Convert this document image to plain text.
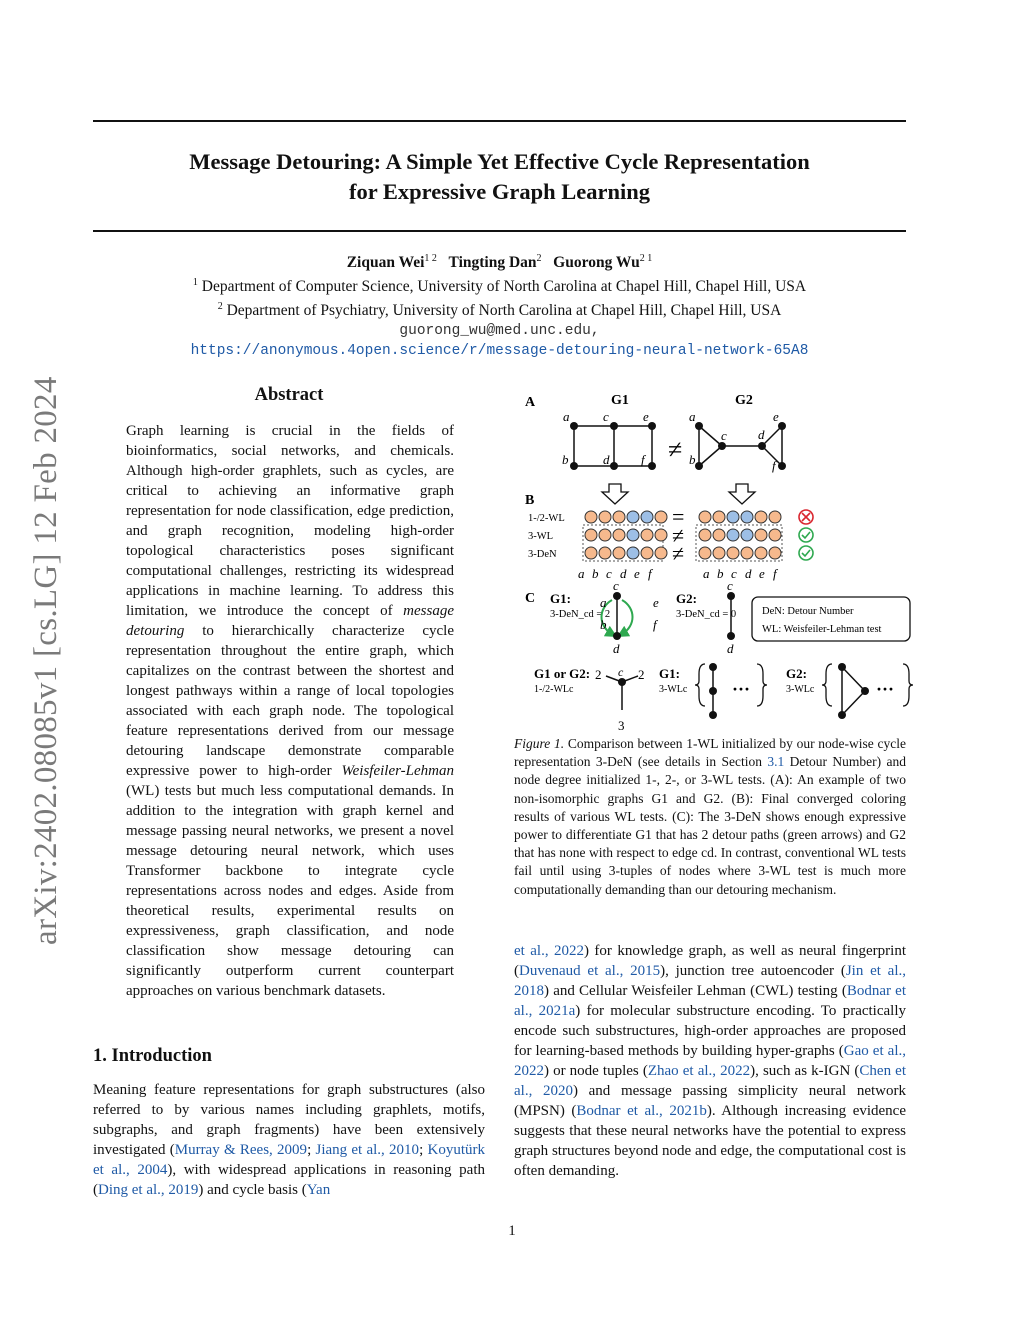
arXiv:2402.08085v1 [cs.LG] 12 Feb 2024
Message Detouring: A Simple Yet Effective Cycle Representation
for Expressive Graph Learning
Ziquan Wei$^{1 2}$ Tingting Dan$^2$ Guorong $Wu^{2 1}$
$^1$ Department of Computer Science, University of North Carolina at Chapel Hill, Chapel Hill, USA
$^2$ Department of Psychiatry, University of North Carolina at Chapel Hill, Chapel Hill, USA
guorong_wu@med.unc.edu,
https://anonymous.4open.science/r/message-detouring-neural-network-65A8
Abstract
Graph learning is crucial in the fields of bioinformatics, social networks, and chemicals. Although high-order graphlets, such as cycles, are critical to achieving an informative graph representation for node classification, edge prediction, and graph recognition, modeling high-order topological characteristics poses significant computational challenges, restricting its widespread applications in machine learning. To address this limitation, we introduce the concept of message detouring to hierarchically characterize cycle representation throughout the entire graph, which capitalizes on the contrast between the shortest and longest pathways within a range of local topologies associated with each graph node. The topological feature representations derived from our message detouring landscape demonstrate comparable expressive power to high-order Weisfeiler-Lehman (WL) tests but much less computational demands. In addition to the integration with graph kernel and message passing neural networks, we present a novel message detouring neural network, which uses Transformer backbone to integrate cycle representations across nodes and edges. Aside from theoretical results, experimental results on expressiveness, graph classification, and node classification show message detouring can significantly outperform current counterpart approaches on various benchmark datasets.
1. Introduction
Meaning feature representations for graph substructures (also referred to by various names including graphlets, motifs, subgraphs, and graph fragments) have been extensively investigated (Murray & Rees, 2009; Jiang et al., 2010; Koyutürk et al., 2004), with widespread applications in reasoning path (Ding et al., 2019) and cycle basis (Yan
A
B
C
G1
a	c	e
b	d f ≠
G2
a
c
e
d
b	f
1-/2-WL
3-WL
3-DeN
=
≠
≠
a b c d e f	a b c d e f
G1:
3-DeN_cd = 2
c
a	e
b	f
d
G2:
3-DeN_cd = 0
c
d
DeN: Detour Number
WL: Weisfeiler-Lehman test
G1 or G2:
1-/2-WLc
c
2	2
3
G1:
3-WLc ···
G2:
3-WLc	···
Figure 1. Comparison between 1-WL initialized by our node-wise cycle representation 3-DeN (see details in Section 3.1 Detour Number) and node degree initialized 1-, 2-, or 3-WL tests. (A): An example of two non-isomorphic graphs G1 and G2. (B): Final converged coloring results of various WL tests. (C): The 3-DeN shows enough expressive power to differentiate G1 that has 2 detour paths (green arrows) and G2 that has none with respect to edge cd. In contrast, conventional WL tests fail until using 3-tuples of nodes where 3-WL test is much more computationally demanding than our detouring mechanism.
et al., 2022) for knowledge graph, as well as neural fingerprint (Duvenaud et al., 2015), junction tree autoencoder (Jin et al., 2018) and Cellular Weisfeiler Lehman (CWL) testing (Bodnar et al., 2021a) for molecular substructure encoding. To practically encode such substructures, high-order approaches are proposed for learning-based methods by building hyper-graphs (Gao et al., 2022) or node tuples (Zhao et al., 2022), such as k-IGN (Chen et al., 2020) and message passing simplicity neural network (MPSN) (Bodnar et al., 2021b). Although increasing evidence suggests that these neural networks have the potential to express graph structures beyond node and edge, the computational cost is often demanding.
1
